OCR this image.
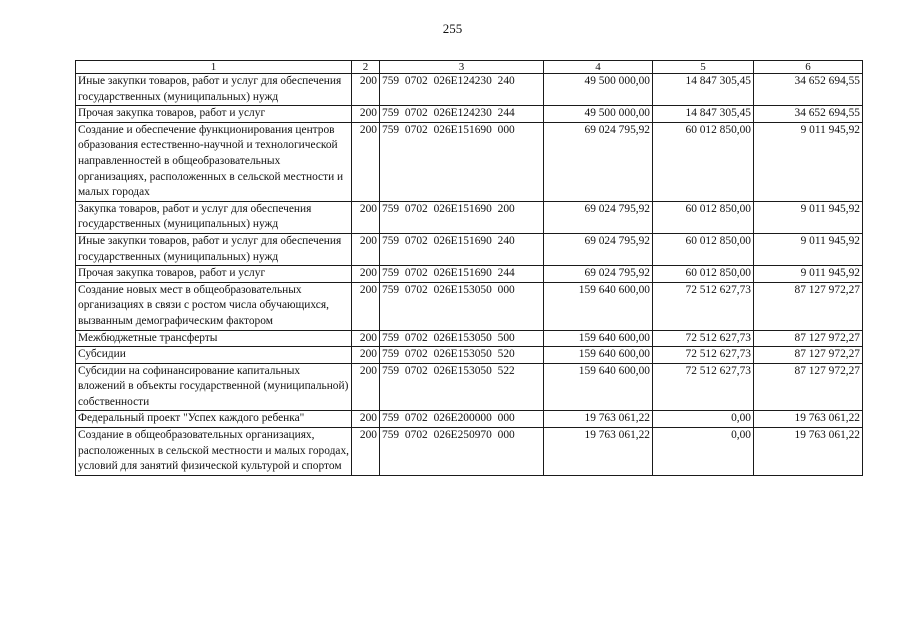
255
1	2	3	4	5	6
Иные закупки товаров, работ и услуг для обеспечения государственных (муниципальных) нужд	200	759 0702 026E124230 240	49 500 000,00	14 847 305,45	34 652 694,55
Прочая закупка товаров, работ и услуг	200	759 0702 026E124230 244	49 500 000,00	14 847 305,45	34 652 694,55
Создание и обеспечение функционирования центров образования естественно-научной и технологической направленностей в общеобразовательных организациях, расположенных в сельской местности и малых городах	200	759 0702 026E151690 000	69 024 795,92	60 012 850,00	9 011 945,92
Закупка товаров, работ и услуг для обеспечения государственных (муниципальных) нужд	200	759 0702 026E151690 200	69 024 795,92	60 012 850,00	9 011 945,92
Иные закупки товаров, работ и услуг для обеспечения государственных (муниципальных) нужд	200	759 0702 026E151690 240	69 024 795,92	60 012 850,00	9 011 945,92
Прочая закупка товаров, работ и услуг	200	759 0702 026E151690 244	69 024 795,92	60 012 850,00	9 011 945,92
Создание новых мест в общеобразовательных организациях в связи с ростом числа обучающихся, вызванным демографическим фактором	200	759 0702 026E153050 000	159 640 600,00	72 512 627,73	87 127 972,27
Межбюджетные трансферты	200	759 0702 026E153050 500	159 640 600,00	72 512 627,73	87 127 972,27
Субсидии	200	759 0702 026E153050 520	159 640 600,00	72 512 627,73	87 127 972,27
Субсидии на софинансирование капитальных вложений в объекты государственной (муниципальной) собственности	200	759 0702 026E153050 522	159 640 600,00	72 512 627,73	87 127 972,27
Федеральный проект "Успех каждого ребенка"	200	759 0702 026E200000 000	19 763 061,22	0,00	19 763 061,22
Создание в общеобразовательных организациях, расположенных в сельской местности и малых городах, условий для занятий физической культурой и спортом	200	759 0702 026E250970 000	19 763 061,22	0,00	19 763 061,22
